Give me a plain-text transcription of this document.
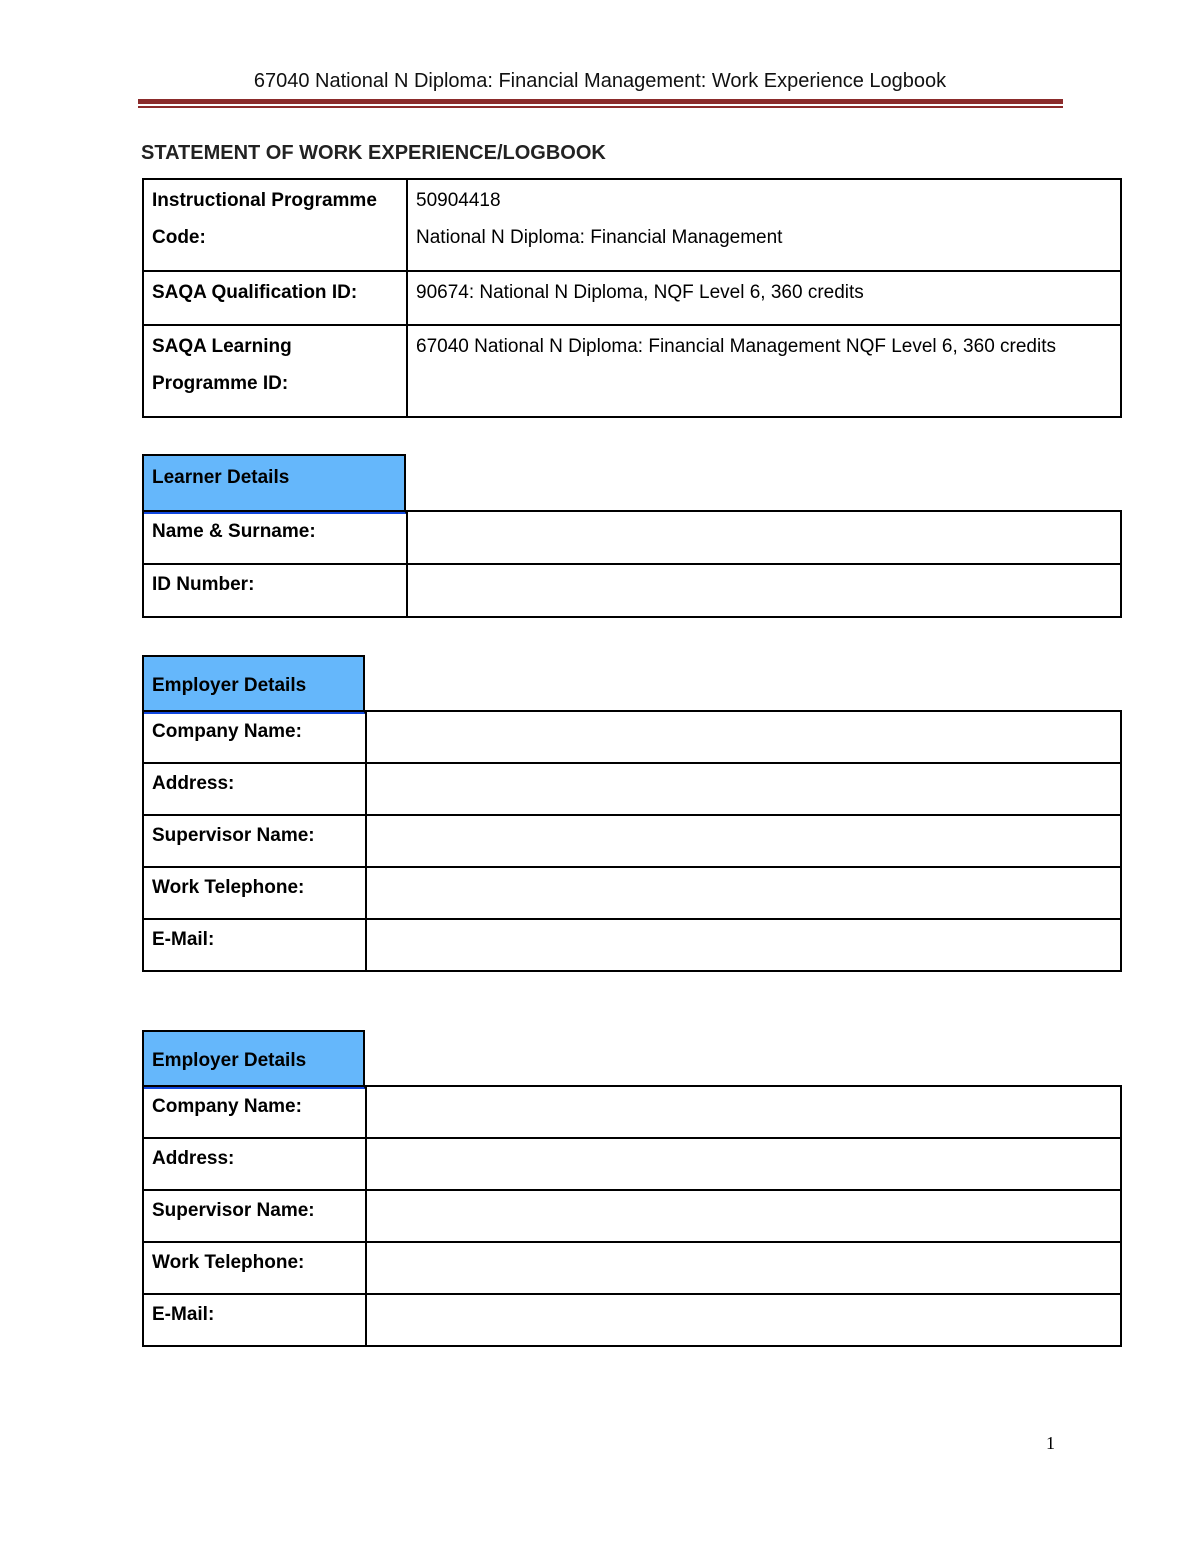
67040 National N Diploma: Financial Management: Work Experience Logbook
STATEMENT OF WORK EXPERIENCE/LOGBOOK
Instructional Programme Code:	50904418
National N Diploma: Financial Management

SAQA Qualification ID:	90674: National N Diploma, NQF Level 6, 360 credits
SAQA Learning Programme ID:	67040 National N Diploma: Financial Management NQF Level 6, 360 credits
Learner Details
Name & Surname:	
ID Number:	
Employer Details
Company Name:	
Address:	
Supervisor Name:	
Work Telephone:	
E-Mail:	
Employer Details
Company Name:	
Address:	
Supervisor Name:	
Work Telephone:	
E-Mail:	
1
